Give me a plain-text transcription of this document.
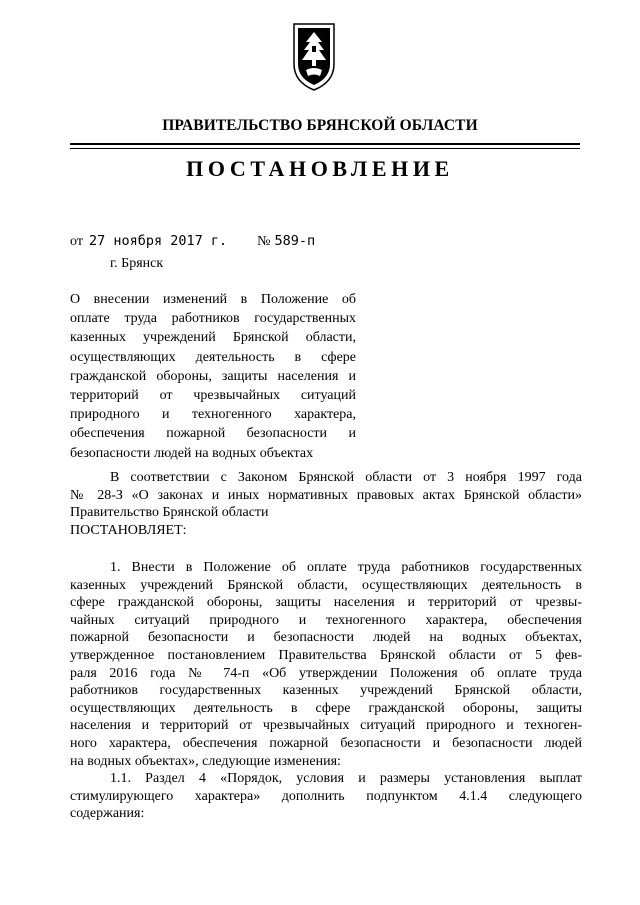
ПРАВИТЕЛЬСТВО БРЯНСКОЙ ОБЛАСТИ
ПОСТАНОВЛЕНИЕ
от 27 ноября 2017 г. № 589-п
г. Брянск
О внесении изменений в Положение об
оплате труда работников государственных
казенных учреждений Брянской области,
осуществляющих деятельность в сфере
гражданской обороны, защиты населения и
территорий от чрезвычайных ситуаций
природного и техногенного характера,
обеспечения пожарной безопасности и
безопасности людей на водных объектах
В соответствии с Законом Брянской области от 3 ноября 1997 года
№ 28-З «О законах и иных нормативных правовых актах Брянской области»
Правительство Брянской области
ПОСТАНОВЛЯЕТ:
1. Внести в Положение об оплате труда работников государственных
казенных учреждений Брянской области, осуществляющих деятельность в
сфере гражданской обороны, защиты населения и территорий от чрезвы-
чайных ситуаций природного и техногенного характера, обеспечения
пожарной безопасности и безопасности людей на водных объектах,
утвержденное постановлением Правительства Брянской области от 5 фев-
раля 2016 года № 74-п «Об утверждении Положения об оплате труда
работников государственных казенных учреждений Брянской области,
осуществляющих деятельность в сфере гражданской обороны, защиты
населения и территорий от чрезвычайных ситуаций природного и техноген-
ного характера, обеспечения пожарной безопасности и безопасности людей
на водных объектах», следующие изменения:
1.1. Раздел 4 «Порядок, условия и размеры установления выплат
стимулирующего характера» дополнить подпунктом 4.1.4 следующего
содержания:
